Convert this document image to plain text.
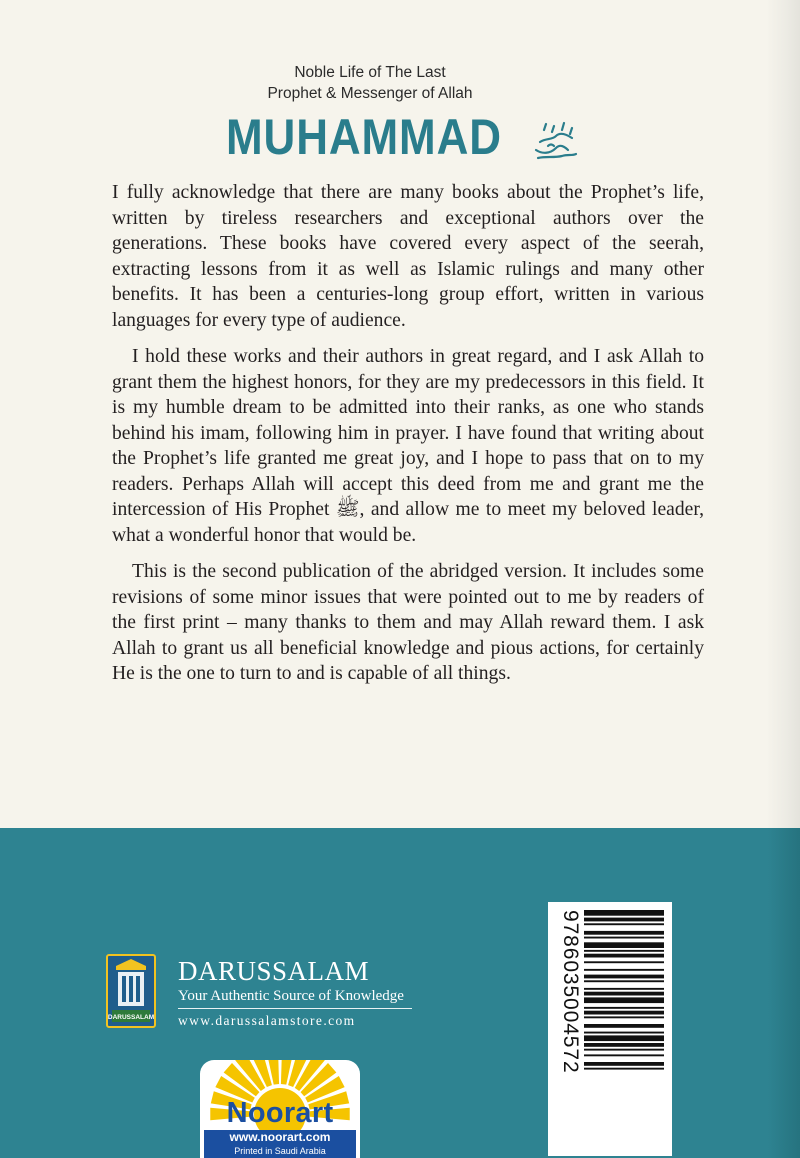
Noble Life of The Last
Prophet & Messenger of Allah
MUHAMMAD

I fully acknowledge that there are many books about the Prophet’s life, written by tireless researchers and exceptional authors over the generations. These books have covered every aspect of the seerah, extracting lessons from it as well as Islamic rulings and many other benefits. It has been a centuries-long group effort, written in various languages for every type of audience.

I hold these works and their authors in great regard, and I ask Allah to grant them the highest honors, for they are my predecessors in this field. It is my humble dream to be admitted into their ranks, as one who stands behind his imam, following him in prayer. I have found that writing about the Prophet’s life granted me great joy, and I hope to pass that on to my readers. Perhaps Allah will accept this deed from me and grant me the intercession of His Prophet ﷺ, and allow me to meet my beloved leader, what a wonderful honor that would be.

This is the second publication of the abridged version. It includes some revisions of some minor issues that were pointed out to me by readers of the first print – many thanks to them and may Allah reward them. I ask Allah to grant us all beneficial knowledge and pious actions, for certainly He is the one to turn to and is capable of all things.

DARUSSALAM
DARUSSALAM
Your Authentic Source of Knowledge
www.darussalamstore.com	9786035004572
Noorart
www.noorart.com
Printed in Saudi Arabia
